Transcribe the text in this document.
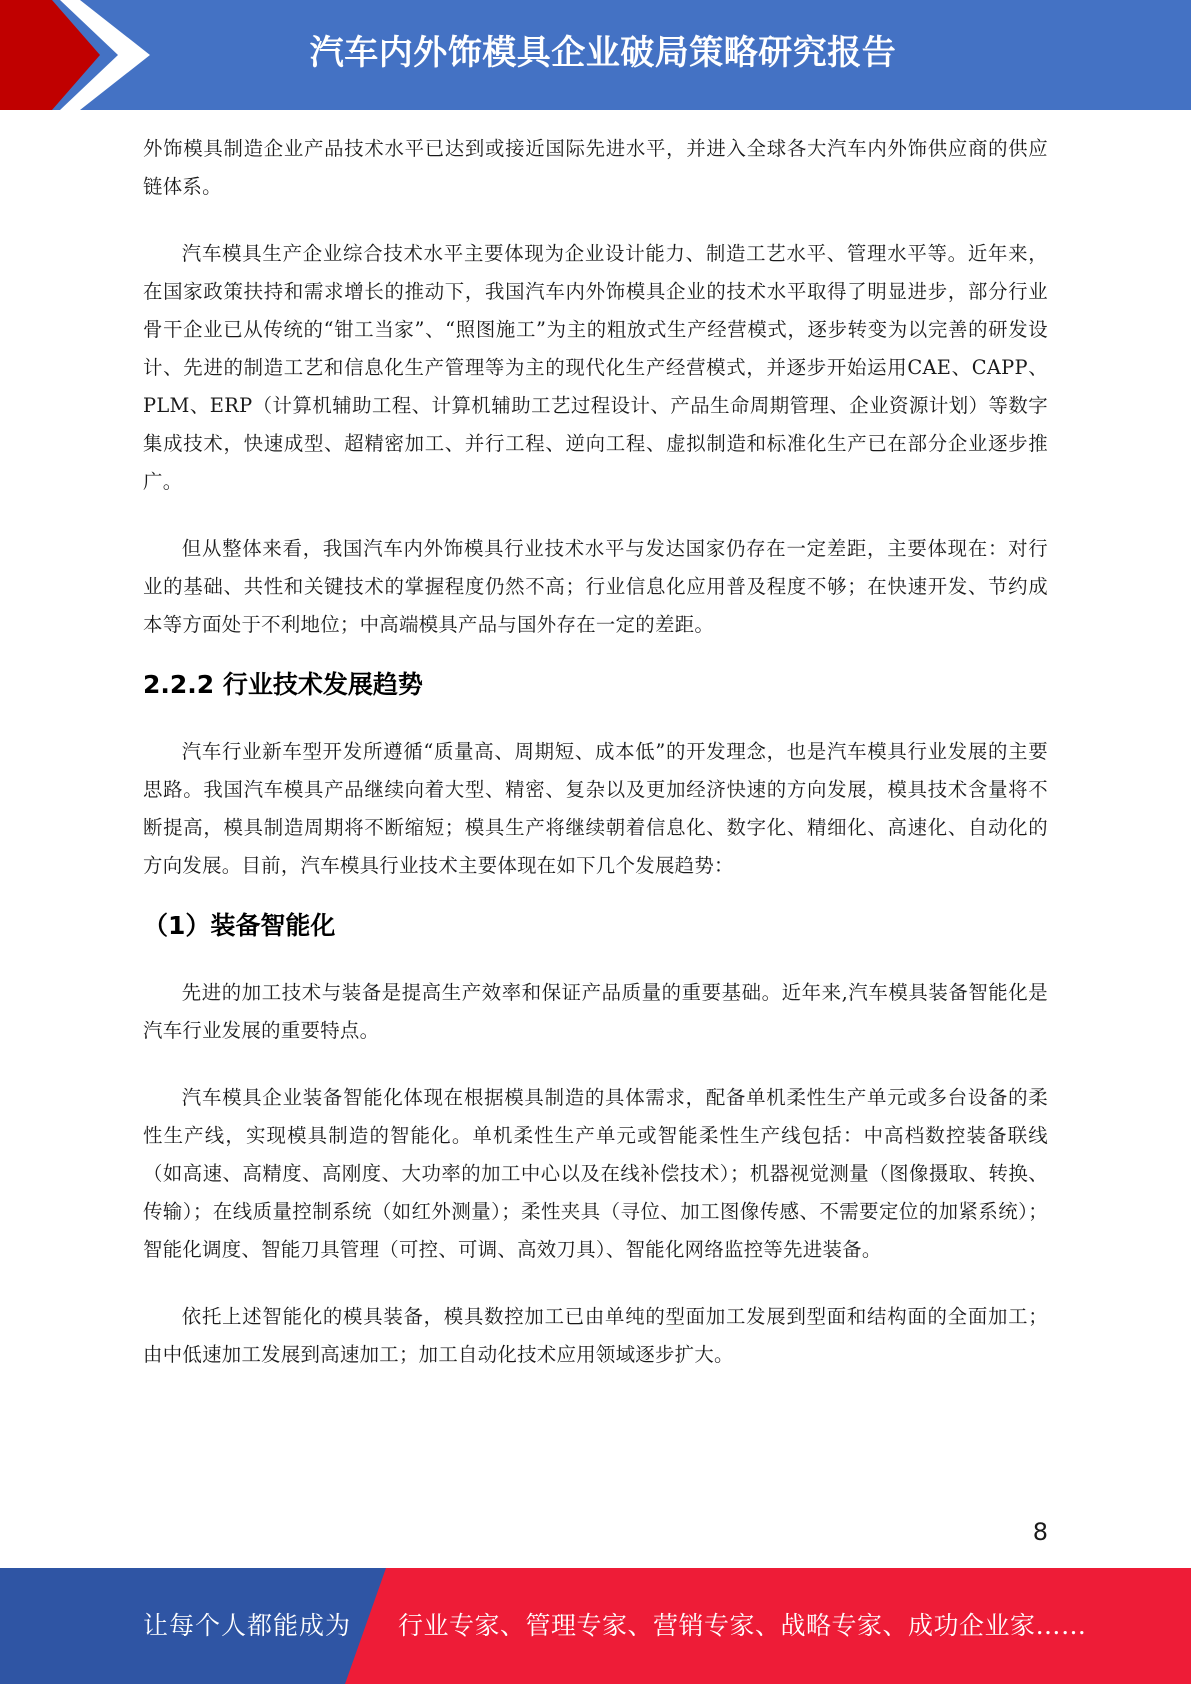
汽车内外饰模具企业破局策略研究报告

外饰模具制造企业产品技术水平已达到或接近国际先进水平，并进入全球各大汽车内外饰供应商的供应链体系。

汽车模具生产企业综合技术水平主要体现为企业设计能力、制造工艺水平、管理水平等。近年来，在国家政策扶持和需求增长的推动下，我国汽车内外饰模具企业的技术水平取得了明显进步，部分行业骨干企业已从传统的“钳工当家”、“照图施工”为主的粗放式生产经营模式，逐步转变为以完善的研发设计、先进的制造工艺和信息化生产管理等为主的现代化生产经营模式，并逐步开始运用CAE、CAPP、PLM、ERP（计算机辅助工程、计算机辅助工艺过程设计、产品生命周期管理、企业资源计划）等数字集成技术，快速成型、超精密加工、并行工程、逆向工程、虚拟制造和标准化生产已在部分企业逐步推广。

但从整体来看，我国汽车内外饰模具行业技术水平与发达国家仍存在一定差距，主要体现在：对行业的基础、共性和关键技术的掌握程度仍然不高；行业信息化应用普及程度不够；在快速开发、节约成本等方面处于不利地位；中高端模具产品与国外存在一定的差距。

2.2.2 行业技术发展趋势

汽车行业新车型开发所遵循“质量高、周期短、成本低”的开发理念，也是汽车模具行业发展的主要思路。我国汽车模具产品继续向着大型、精密、复杂以及更加经济快速的方向发展，模具技术含量将不断提高，模具制造周期将不断缩短；模具生产将继续朝着信息化、数字化、精细化、高速化、自动化的方向发展。目前，汽车模具行业技术主要体现在如下几个发展趋势：

（1）装备智能化

先进的加工技术与装备是提高生产效率和保证产品质量的重要基础。近年来,汽车模具装备智能化是汽车行业发展的重要特点。

汽车模具企业装备智能化体现在根据模具制造的具体需求，配备单机柔性生产单元或多台设备的柔性生产线，实现模具制造的智能化。单机柔性生产单元或智能柔性生产线包括：中高档数控装备联线（如高速、高精度、高刚度、大功率的加工中心以及在线补偿技术）；机器视觉测量（图像摄取、转换、传输）；在线质量控制系统（如红外测量）；柔性夹具（寻位、加工图像传感、不需要定位的加紧系统）；智能化调度、智能刀具管理（可控、可调、高效刀具）、智能化网络监控等先进装备。

依托上述智能化的模具装备，模具数控加工已由单纯的型面加工发展到型面和结构面的全面加工；由中低速加工发展到高速加工；加工自动化技术应用领域逐步扩大。

8
让每个人都能成为 行业专家、管理专家、营销专家、战略专家、成功企业家……
